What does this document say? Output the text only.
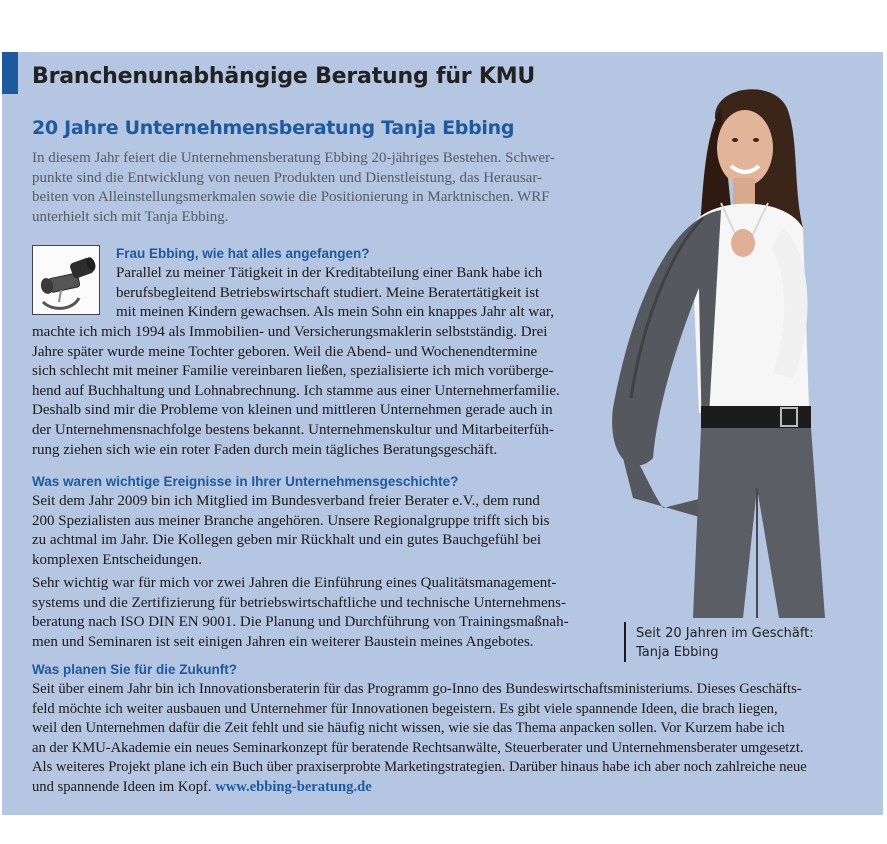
Branchenunabhängige Beratung für KMU
20 Jahre Unternehmensberatung Tanja Ebbing
In diesem Jahr feiert die Unternehmensberatung Ebbing 20-jähriges Bestehen. Schwer-
punkte sind die Entwicklung von neuen Produkten und Dienstleistung, das Herausar-
beiten von Alleinstellungsmerkmalen sowie die Positionierung in Marktnischen. WRF
unterhielt sich mit Tanja Ebbing.
Frau Ebbing, wie hat alles angefangen?
Parallel zu meiner Tätigkeit in der Kreditabteilung einer Bank habe ich
berufsbegleitend Betriebswirtschaft studiert. Meine Beratertätigkeit ist
mit meinen Kindern gewachsen. Als mein Sohn ein knappes Jahr alt war,
machte ich mich 1994 als Immobilien- und Versicherungsmaklerin selbstständig. Drei
Jahre später wurde meine Tochter geboren. Weil die Abend- und Wochenendtermine
sich schlecht mit meiner Familie vereinbaren ließen, spezialisierte ich mich vorüberge-
hend auf Buchhaltung und Lohnabrechnung. Ich stamme aus einer Unternehmerfamilie.
Deshalb sind mir die Probleme von kleinen und mittleren Unternehmen gerade auch in
der Unternehmensnachfolge bestens bekannt. Unternehmenskultur und Mitarbeiterfüh-
rung ziehen sich wie ein roter Faden durch mein tägliches Beratungsgeschäft.
Was waren wichtige Ereignisse in Ihrer Unternehmensgeschichte?
Seit dem Jahr 2009 bin ich Mitglied im Bundesverband freier Berater e.V., dem rund
200 Spezialisten aus meiner Branche angehören. Unsere Regionalgruppe trifft sich bis
zu achtmal im Jahr. Die Kollegen geben mir Rückhalt und ein gutes Bauchgefühl bei
komplexen Entscheidungen.
Sehr wichtig war für mich vor zwei Jahren die Einführung eines Qualitätsmanagement-
systems und die Zertifizierung für betriebswirtschaftliche und technische Unternehmens-
beratung nach ISO DIN EN 9001. Die Planung und Durchführung von Trainingsmaßnah-
men und Seminaren ist seit einigen Jahren ein weiterer Baustein meines Angebotes.
Was planen Sie für die Zukunft?
Seit über einem Jahr bin ich Innovationsberaterin für das Programm go-Inno des Bundeswirtschaftsministeriums. Dieses Geschäfts-
feld möchte ich weiter ausbauen und Unternehmer für Innovationen begeistern. Es gibt viele spannende Ideen, die brach liegen,
weil den Unternehmen dafür die Zeit fehlt und sie häufig nicht wissen, wie sie das Thema anpacken sollen. Vor Kurzem habe ich
an der KMU-Akademie ein neues Seminarkonzept für beratende Rechtsanwälte, Steuerberater und Unternehmensberater umgesetzt.
Als weiteres Projekt plane ich ein Buch über praxiserprobte Marketingstrategien. Darüber hinaus habe ich aber noch zahlreiche neue
und spannende Ideen im Kopf. www.ebbing-beratung.de
Seit 20 Jahren im Geschäft:
Tanja Ebbing
